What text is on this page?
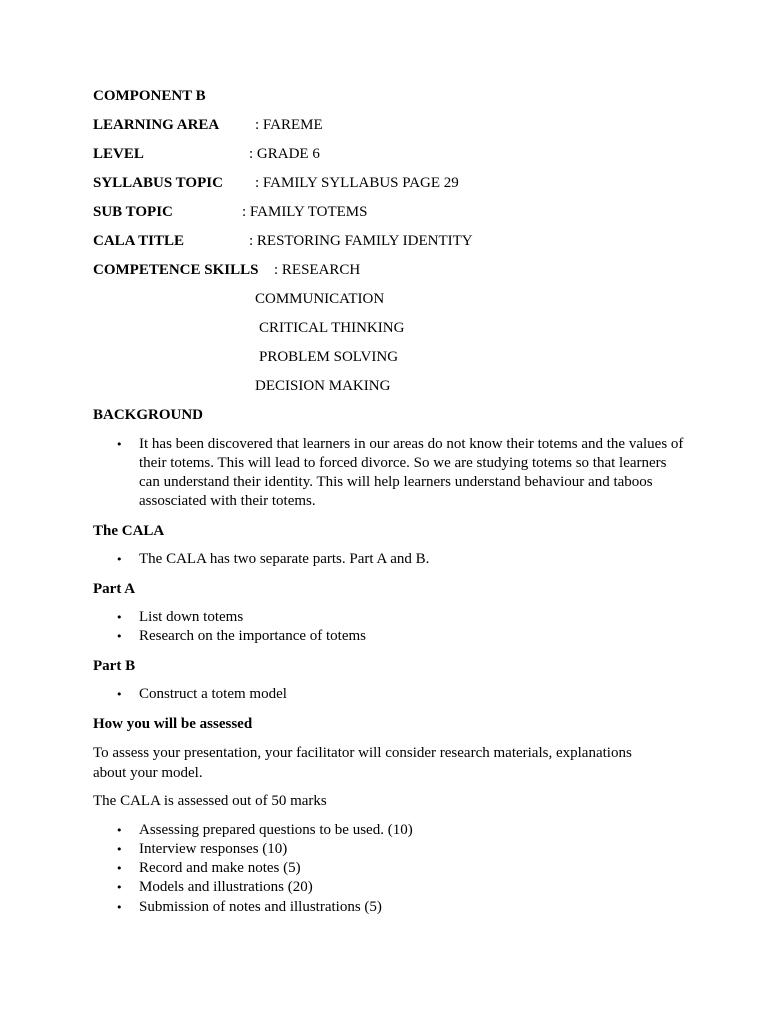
COMPONENT B
LEARNING AREA : FAREME
LEVEL	: GRADE 6
SYLLABUS TOPIC : FAMILY SYLLABUS PAGE 29
SUB TOPIC	: FAMILY TOTEMS
CALA TITLE	: RESTORING FAMILY IDENTITY
COMPETENCE SKILLS : RESEARCH
COMMUNICATION
CRITICAL THINKING
PROBLEM SOLVING
DECISION MAKING
BACKGROUND
• It has been discovered that learners in our areas do not know their totems and the values of their totems. This will lead to forced divorce. So we are studying totems so that learners can understand their identity. This will help learners understand behaviour and taboos assosciated with their totems.
The CALA
• The CALA has two separate parts. Part A and B.
Part A
• List down totems
• Research on the importance of totems
Part B
• Construct a totem model
How you will be assessed
To assess your presentation, your facilitator will consider research materials, explanations about your model.
The CALA is assessed out of 50 marks
• Assessing prepared questions to be used. (10)
• Interview responses (10)
• Record and make notes (5)
• Models and illustrations (20)
• Submission of notes and illustrations (5)
